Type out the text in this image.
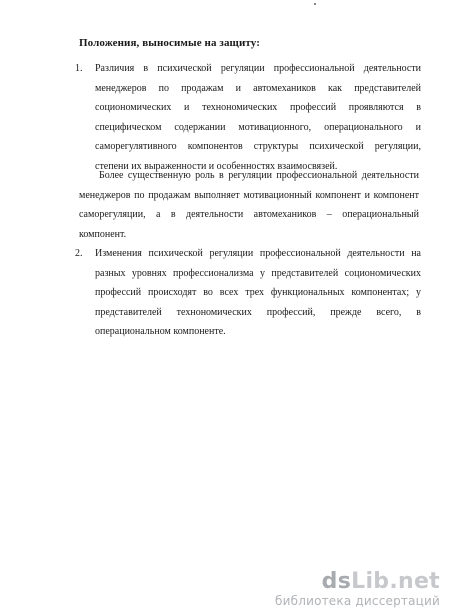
Положения, выносимые на защиту:
1. Различия в психической регуляции профессиональной деятельности менеджеров по продажам и автомехаников как представителей социономических и технономических профессий проявляются в специфическом содержании мотивационного, операционального и саморегулятивного компонентов структуры психической регуляции, степени их выраженности и особенностях взаимосвязей.
Более существенную роль в регуляции профессиональной деятельности менеджеров по продажам выполняет мотивационный компонент и компонент саморегуляции, а в деятельности автомехаников – операциональный компонент.
2. Изменения психической регуляции профессиональной деятельности на разных уровнях профессионализма у представителей социономических профессий происходят во всех трех функциональных компонентах; у представителей технономических профессий, прежде всего, в операциональном компоненте.
dsLib.net
библиотека диссертаций
